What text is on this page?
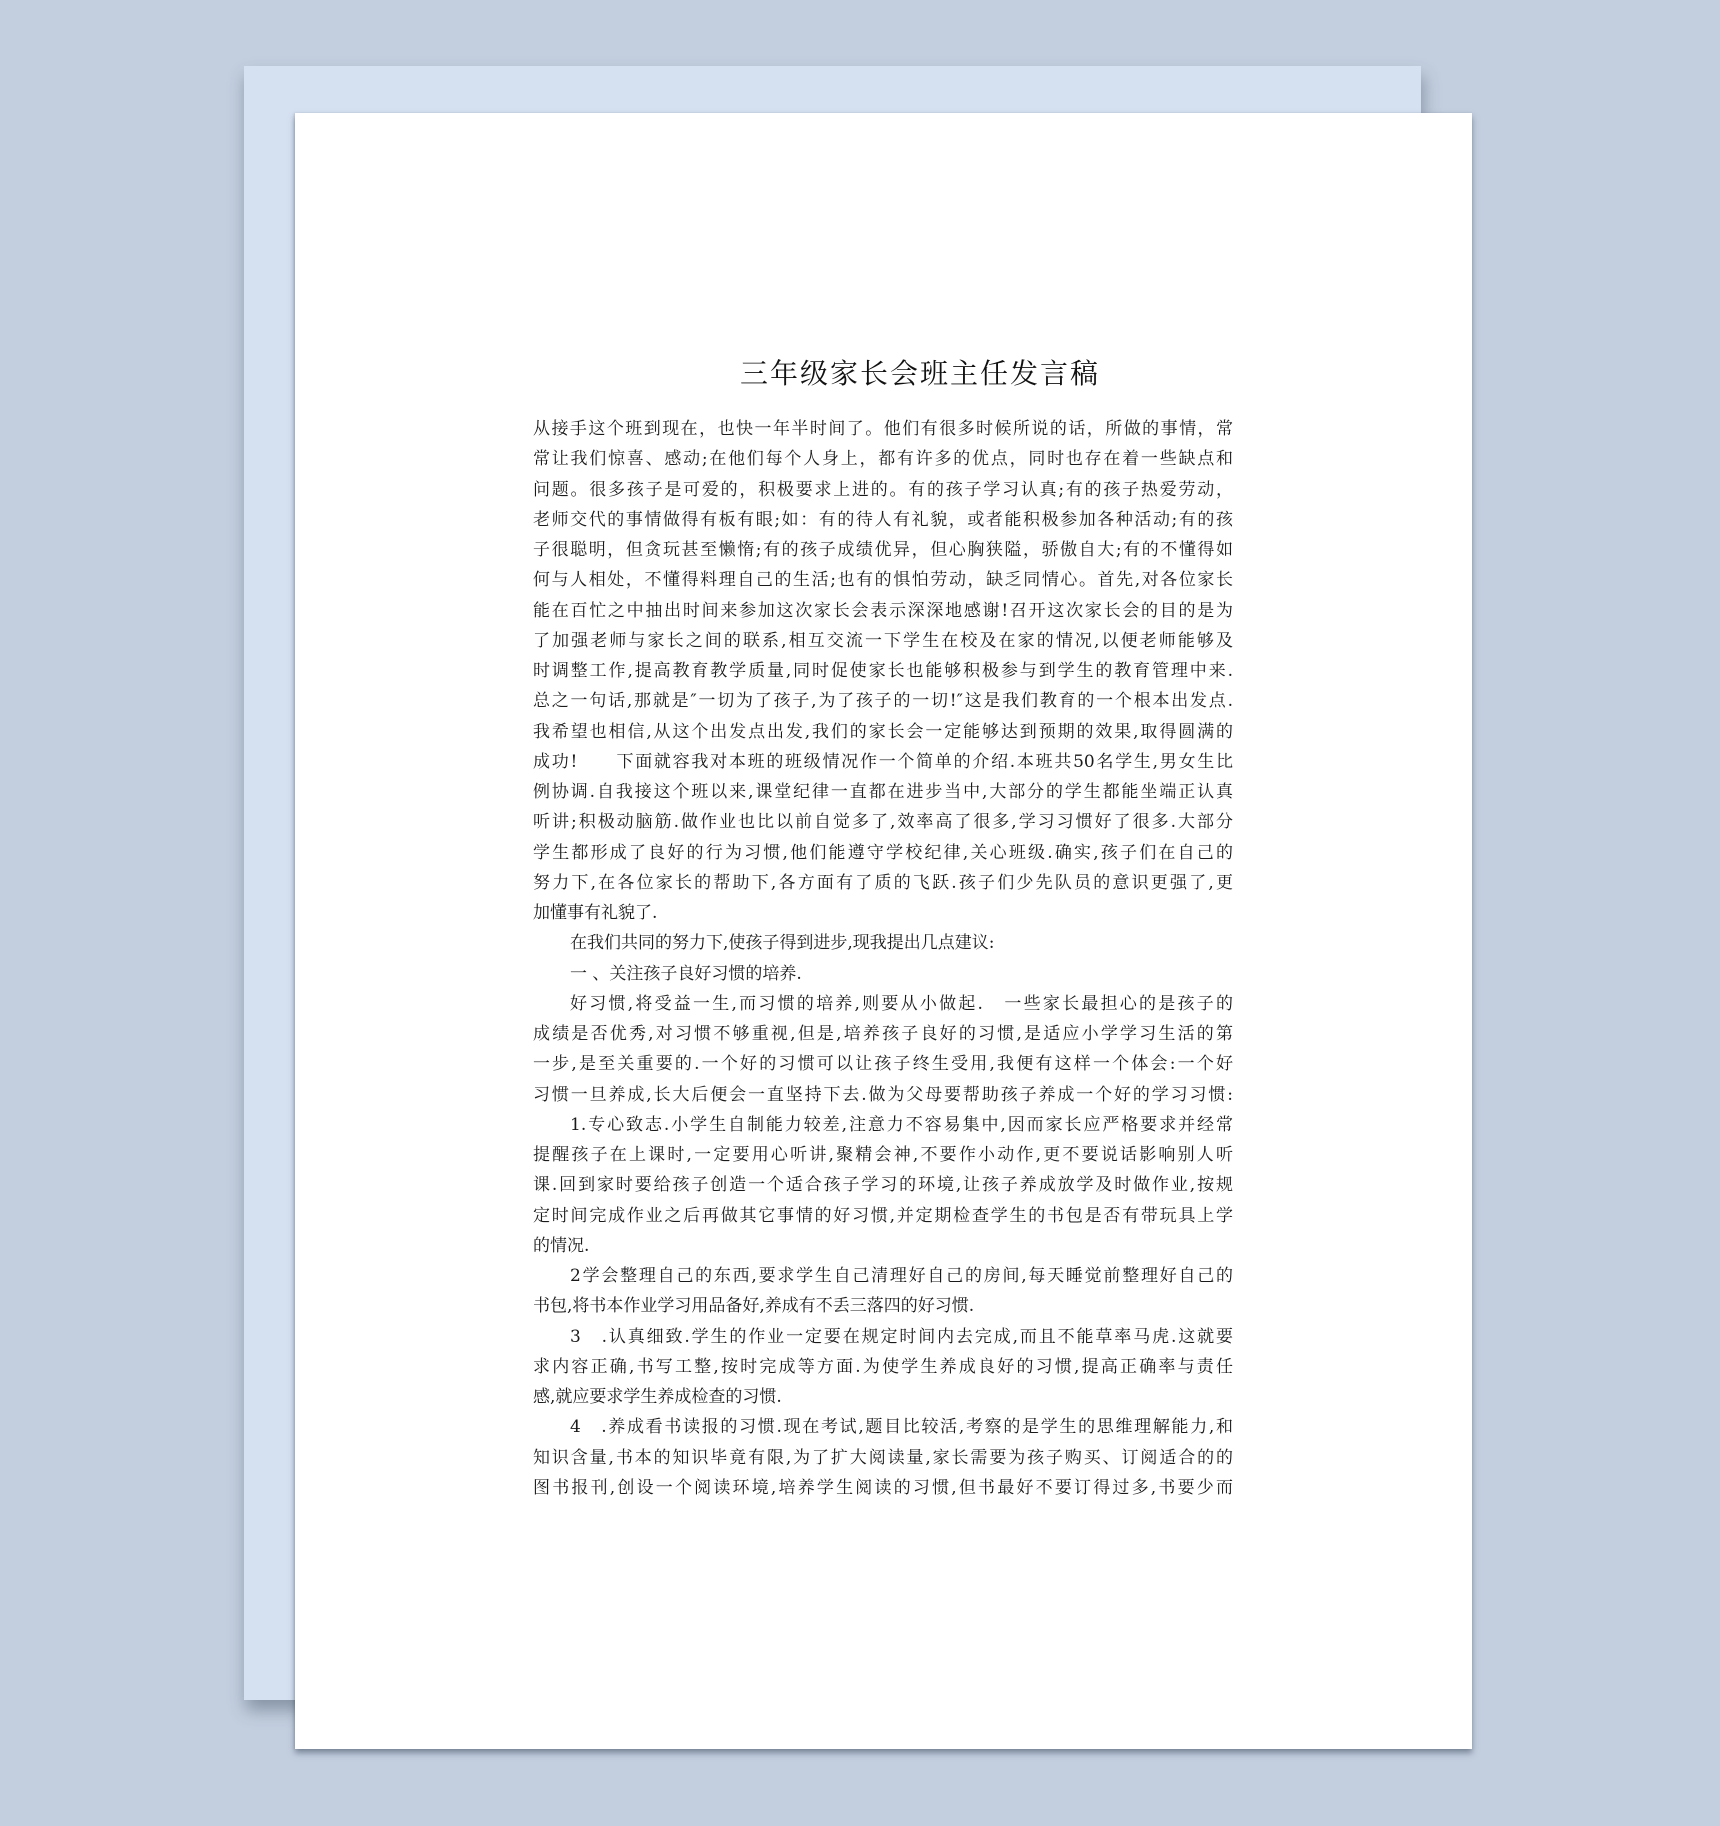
三年级家长会班主任发言稿
从接手这个班到现在，也快一年半时间了。他们有很多时候所说的话，所做的事情，常
常让我们惊喜、感动;在他们每个人身上，都有许多的优点，同时也存在着一些缺点和
问题。很多孩子是可爱的，积极要求上进的。有的孩子学习认真;有的孩子热爱劳动，
老师交代的事情做得有板有眼;如：有的待人有礼貌，或者能积极参加各种活动;有的孩
子很聪明，但贪玩甚至懒惰;有的孩子成绩优异，但心胸狭隘，骄傲自大;有的不懂得如
何与人相处，不懂得料理自己的生活;也有的惧怕劳动，缺乏同情心。首先,对各位家长
能在百忙之中抽出时间来参加这次家长会表示深深地感谢!召开这次家长会的目的是为
了加强老师与家长之间的联系,相互交流一下学生在校及在家的情况,以便老师能够及
时调整工作,提高教育教学质量,同时促使家长也能够积极参与到学生的教育管理中来.
总之一句话,那就是″一切为了孩子,为了孩子的一切!″这是我们教育的一个根本出发点.
我希望也相信,从这个出发点出发,我们的家长会一定能够达到预期的效果,取得圆满的
成功!　　下面就容我对本班的班级情况作一个简单的介绍.本班共50名学生,男女生比
例协调.自我接这个班以来,课堂纪律一直都在进步当中,大部分的学生都能坐端正认真
听讲;积极动脑筋.做作业也比以前自觉多了,效率高了很多,学习习惯好了很多.大部分
学生都形成了良好的行为习惯,他们能遵守学校纪律,关心班级.确实,孩子们在自己的
努力下,在各位家长的帮助下,各方面有了质的飞跃.孩子们少先队员的意识更强了,更
加懂事有礼貌了.
在我们共同的努力下,使孩子得到进步,现我提出几点建议:
一 、关注孩子良好习惯的培养.
好习惯,将受益一生,而习惯的培养,则要从小做起.　一些家长最担心的是孩子的
成绩是否优秀,对习惯不够重视,但是,培养孩子良好的习惯,是适应小学学习生活的第
一步,是至关重要的.一个好的习惯可以让孩子终生受用,我便有这样一个体会:一个好
习惯一旦养成,长大后便会一直坚持下去.做为父母要帮助孩子养成一个好的学习习惯:
1.专心致志.小学生自制能力较差,注意力不容易集中,因而家长应严格要求并经常
提醒孩子在上课时,一定要用心听讲,聚精会神,不要作小动作,更不要说话影响别人听
课.回到家时要给孩子创造一个适合孩子学习的环境,让孩子养成放学及时做作业,按规
定时间完成作业之后再做其它事情的好习惯,并定期检查学生的书包是否有带玩具上学
的情况.
2学会整理自己的东西,要求学生自己清理好自己的房间,每天睡觉前整理好自己的
书包,将书本作业学习用品备好,养成有不丢三落四的好习惯.
3　.认真细致.学生的作业一定要在规定时间内去完成,而且不能草率马虎.这就要
求内容正确,书写工整,按时完成等方面.为使学生养成良好的习惯,提高正确率与责任
感,就应要求学生养成检查的习惯.
4　.养成看书读报的习惯.现在考试,题目比较活,考察的是学生的思维理解能力,和
知识含量,书本的知识毕竟有限,为了扩大阅读量,家长需要为孩子购买、订阅适合的的
图书报刊,创设一个阅读环境,培养学生阅读的习惯,但书最好不要订得过多,书要少而
